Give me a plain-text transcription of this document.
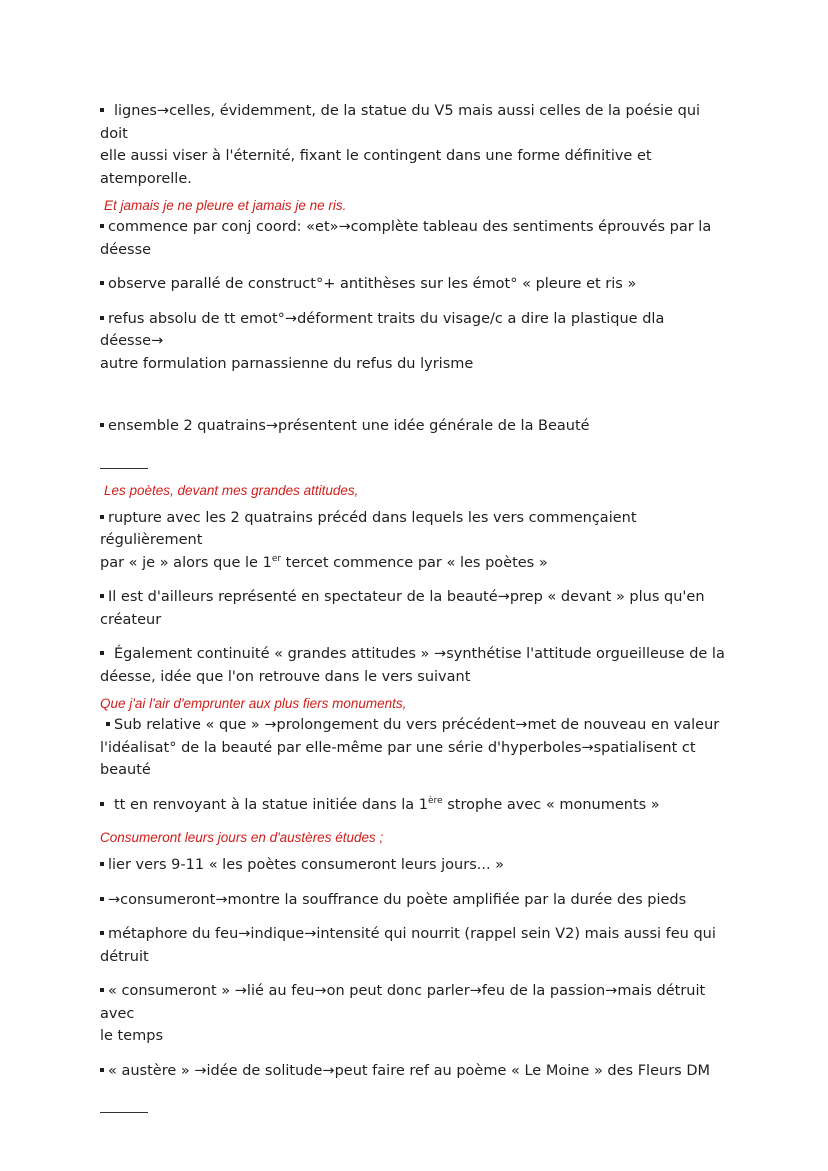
lignes→celles, évidemment, de la statue du V5 mais aussi celles de la poésie qui doit

elle aussi viser à l'éternité, fixant le contingent dans une forme définitive et atemporelle.

Et jamais je ne pleure et jamais je ne ris.

commence par conj coord: «et»→complète tableau des sentiments éprouvés par la

déesse

observe parallé de construct°+ antithèses sur les émot° « pleure et ris »

refus absolu de tt emot°→déforment traits du visage/c a dire la plastique dla déesse→

autre formulation parnassienne du refus du lyrisme

ensemble 2 quatrains→présentent une idée générale de la Beauté

Les poètes, devant mes grandes attitudes,

rupture avec les 2 quatrains précéd dans lequels les vers commençaient régulièrement

par « je » alors que le 1er tercet commence par « les poètes »

Il est d'ailleurs représenté en spectateur de la beauté→prep « devant » plus qu'en

créateur

Également continuité « grandes attitudes » →synthétise l'attitude orgueilleuse de la

déesse, idée que l'on retrouve dans le vers suivant

Que j'ai l'air d'emprunter aux plus fiers monuments,

Sub relative « que » →prolongement du vers précédent→met de nouveau en valeur

l'idéalisat° de la beauté par elle-même par une série d'hyperboles→spatialisent ct

beauté

tt en renvoyant à la statue initiée dans la 1ère strophe avec « monuments »

Consumeront leurs jours en d'austères études ;

lier vers 9-11 « les poètes consumeront leurs jours... »

→consumeront→montre la souffrance du poète amplifiée par la durée des pieds

métaphore du feu→indique→intensité qui nourrit (rappel sein V2) mais aussi feu qui

détruit

« consumeront » →lié au feu→on peut donc parler→feu de la passion→mais détruit avec

le temps

« austère » →idée de solitude→peut faire ref au poème « Le Moine » des Fleurs DM
